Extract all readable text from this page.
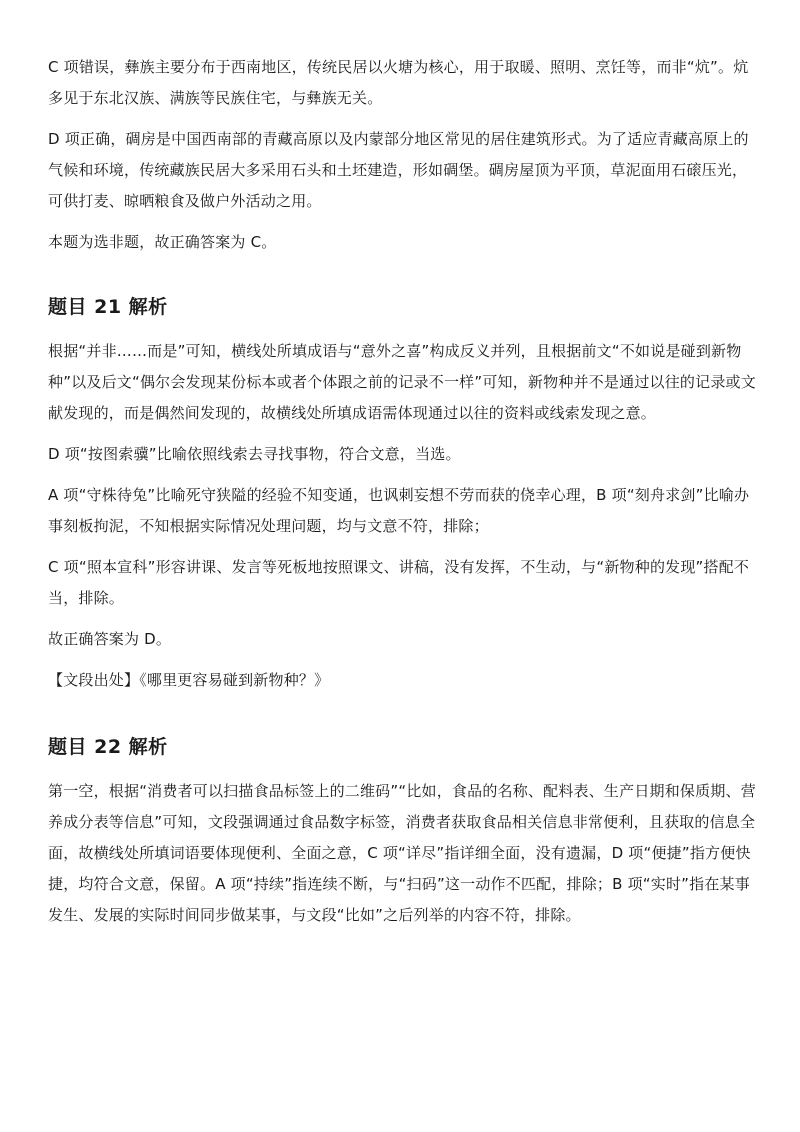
C 项错误，彝族主要分布于西南地区，传统民居以火塘为核心，用于取暖、照明、烹饪等，而非“炕”。炕多见于东北汉族、满族等民族住宅，与彝族无关。

D 项正确，碉房是中国西南部的青藏高原以及内蒙部分地区常见的居住建筑形式。为了适应青藏高原上的气候和环境，传统藏族民居大多采用石头和土坯建造，形如碉堡。碉房屋顶为平顶，草泥面用石磙压光，可供打麦、晾晒粮食及做户外活动之用。

本题为选非题，故正确答案为 C。

题目 21 解析

根据“并非……而是”可知，横线处所填成语与“意外之喜”构成反义并列，且根据前文“不如说是碰到新物种”以及后文“偶尔会发现某份标本或者个体跟之前的记录不一样”可知，新物种并不是通过以往的记录或文献发现的，而是偶然间发现的，故横线处所填成语需体现通过以往的资料或线索发现之意。

D 项“按图索骥”比喻依照线索去寻找事物，符合文意，当选。

A 项“守株待兔”比喻死守狭隘的经验不知变通，也讽刺妄想不劳而获的侥幸心理，B 项“刻舟求剑”比喻办事刻板拘泥，不知根据实际情况处理问题，均与文意不符，排除；

C 项“照本宣科”形容讲课、发言等死板地按照课文、讲稿，没有发挥，不生动，与“新物种的发现”搭配不当，排除。

故正确答案为 D。

【文段出处】《哪里更容易碰到新物种？》

题目 22 解析

第一空，根据“消费者可以扫描食品标签上的二维码”“比如，食品的名称、配料表、生产日期和保质期、营养成分表等信息”可知，文段强调通过食品数字标签，消费者获取食品相关信息非常便利，且获取的信息全面，故横线处所填词语要体现便利、全面之意，C 项“详尽”指详细全面，没有遗漏，D 项“便捷”指方便快捷，均符合文意，保留。A 项“持续”指连续不断，与“扫码”这一动作不匹配，排除；B 项“实时”指在某事发生、发展的实际时间同步做某事，与文段“比如”之后列举的内容不符，排除。
